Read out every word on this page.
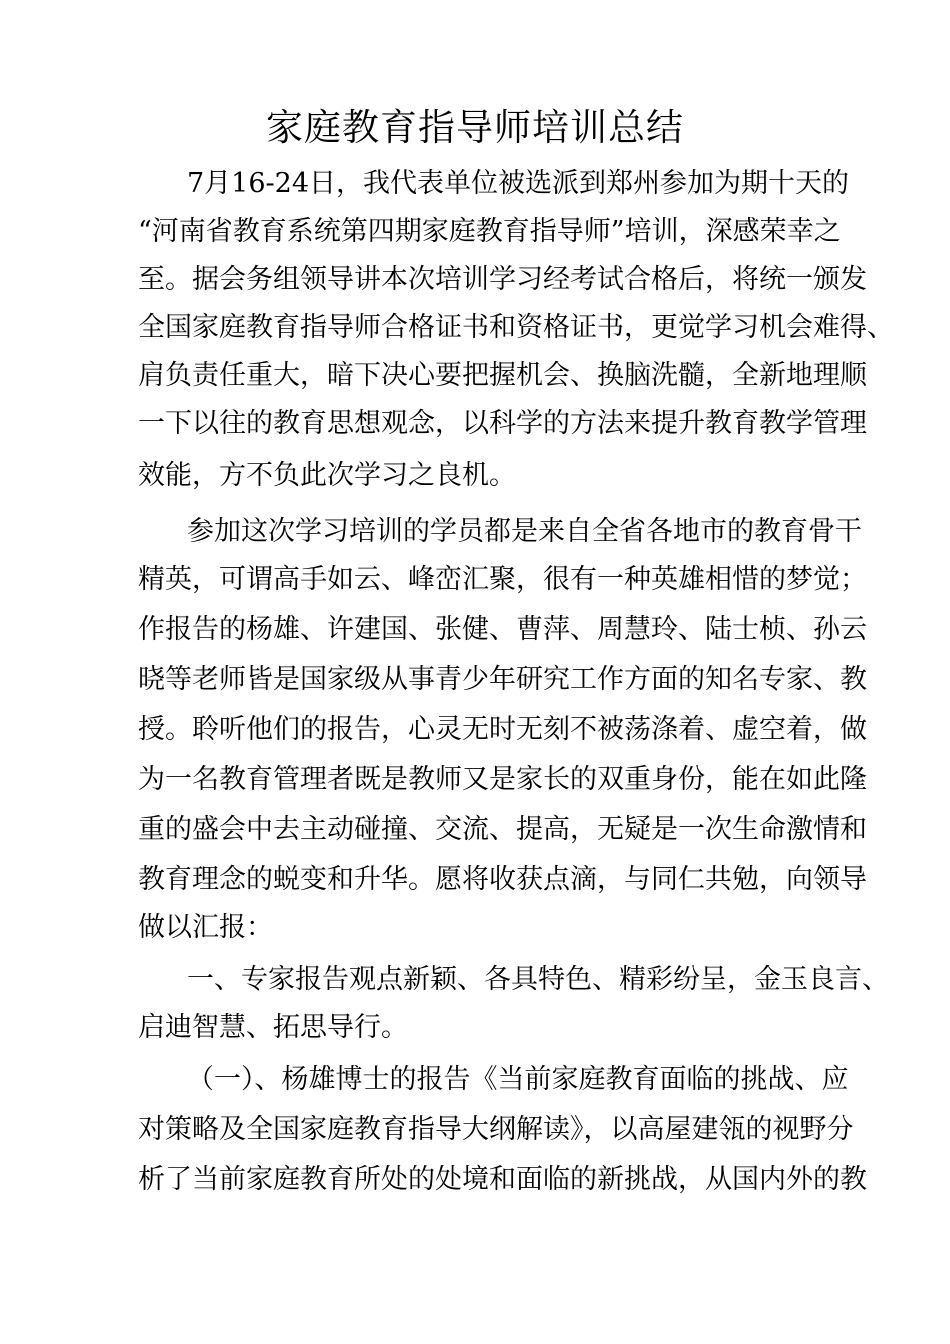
家庭教育指导师培训总结
7月16-24日，我代表单位被选派到郑州参加为期十天的
“河南省教育系统第四期家庭教育指导师”培训，深感荣幸之
至。据会务组领导讲本次培训学习经考试合格后，将统一颁发
全国家庭教育指导师合格证书和资格证书，更觉学习机会难得、
肩负责任重大，暗下决心要把握机会、换脑洗髓，全新地理顺
一下以往的教育思想观念，以科学的方法来提升教育教学管理
效能，方不负此次学习之良机。
参加这次学习培训的学员都是来自全省各地市的教育骨干
精英，可谓高手如云、峰峦汇聚，很有一种英雄相惜的梦觉；
作报告的杨雄、许建国、张健、曹萍、周慧玲、陆士桢、孙云
晓等老师皆是国家级从事青少年研究工作方面的知名专家、教
授。聆听他们的报告，心灵无时无刻不被荡涤着、虚空着，做
为一名教育管理者既是教师又是家长的双重身份，能在如此隆
重的盛会中去主动碰撞、交流、提高，无疑是一次生命激情和
教育理念的蜕变和升华。愿将收获点滴，与同仁共勉，向领导
做以汇报：
一、专家报告观点新颖、各具特色、精彩纷呈，金玉良言、
启迪智慧、拓思导行。
（一）、杨雄博士的报告《当前家庭教育面临的挑战、应
对策略及全国家庭教育指导大纲解读》，以高屋建瓴的视野分
析了当前家庭教育所处的处境和面临的新挑战，从国内外的教
